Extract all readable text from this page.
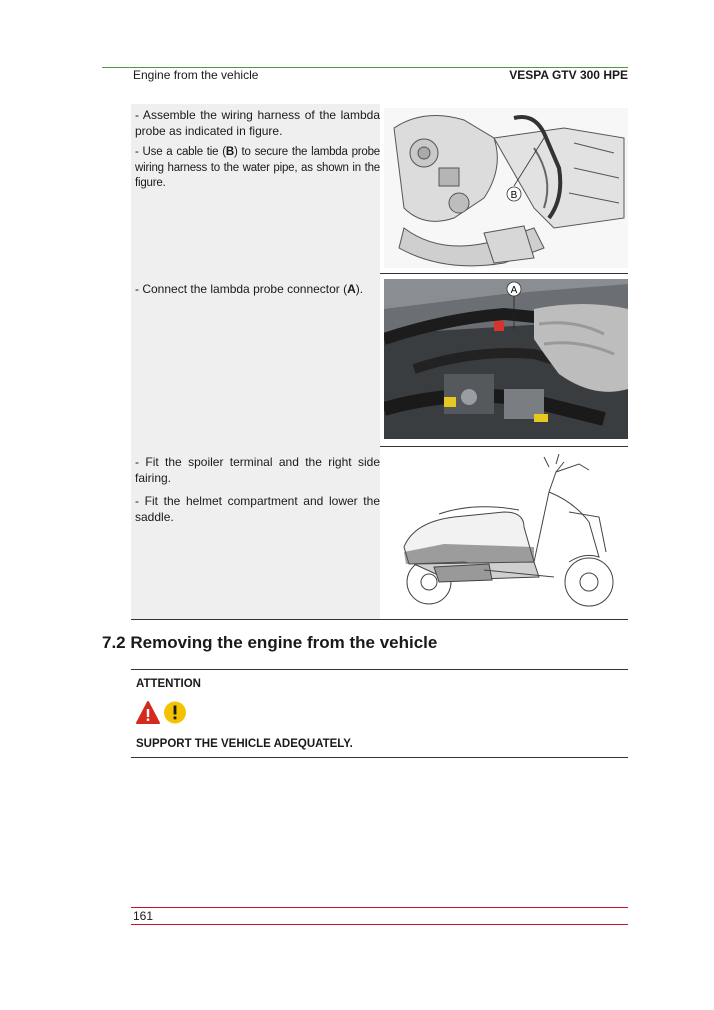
Engine from the vehicle	VESPA GTV 300 HPE

- Assemble the wiring harness of the lambda probe as indicated in figure.

- Use a cable tie (B) to secure the lambda probe wiring harness to the water pipe, as shown in the figure.

B

- Connect the lambda probe connector (A).	A

- Fit the spoiler terminal and the right side fairing.

- Fit the helmet compartment and lower the saddle.

7.2 Removing the engine from the vehicle
ATTENTION
SUPPORT THE VEHICLE ADEQUATELY.
161
